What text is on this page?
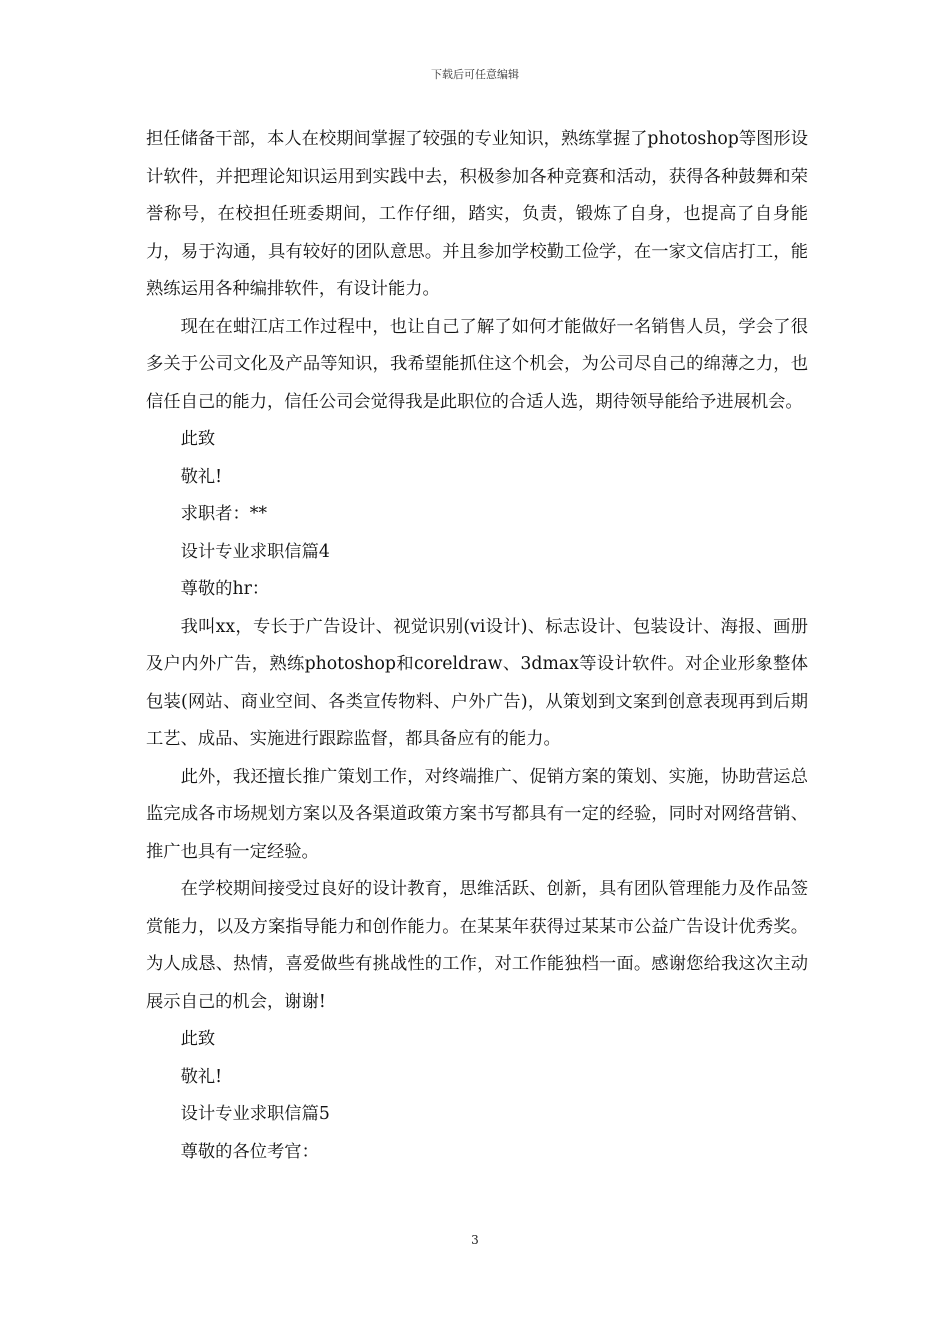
下载后可任意编辑

担任储备干部，本人在校期间掌握了较强的专业知识，熟练掌握了photoshop等图形设计软件，并把理论知识运用到实践中去，积极参加各种竞赛和活动，获得各种鼓舞和荣誉称号，在校担任班委期间，工作仔细，踏实，负责，锻炼了自身，也提高了自身能力，易于沟通，具有较好的团队意思。并且参加学校勤工俭学，在一家文信店打工，能熟练运用各种编排软件，有设计能力。

现在在蚶江店工作过程中，也让自己了解了如何才能做好一名销售人员，学会了很多关于公司文化及产品等知识，我希望能抓住这个机会，为公司尽自己的绵薄之力，也信任自己的能力，信任公司会觉得我是此职位的合适人选，期待领导能给予进展机会。

此致

敬礼!

求职者：**

设计专业求职信篇4

尊敬的hr：

我叫xx，专长于广告设计、视觉识别(vi设计)、标志设计、包装设计、海报、画册及户内外广告，熟练photoshop和coreldraw、3dmax等设计软件。对企业形象整体包装(网站、商业空间、各类宣传物料、户外广告)，从策划到文案到创意表现再到后期工艺、成品、实施进行跟踪监督，都具备应有的能力。

此外，我还擅长推广策划工作，对终端推广、促销方案的策划、实施，协助营运总监完成各市场规划方案以及各渠道政策方案书写都具有一定的经验，同时对网络营销、推广也具有一定经验。

在学校期间接受过良好的设计教育，思维活跃、创新，具有团队管理能力及作品签赏能力，以及方案指导能力和创作能力。在某某年获得过某某市公益广告设计优秀奖。为人成恳、热情，喜爱做些有挑战性的工作，对工作能独档一面。感谢您给我这次主动展示自己的机会，谢谢!

此致

敬礼!

设计专业求职信篇5

尊敬的各位考官：

3
